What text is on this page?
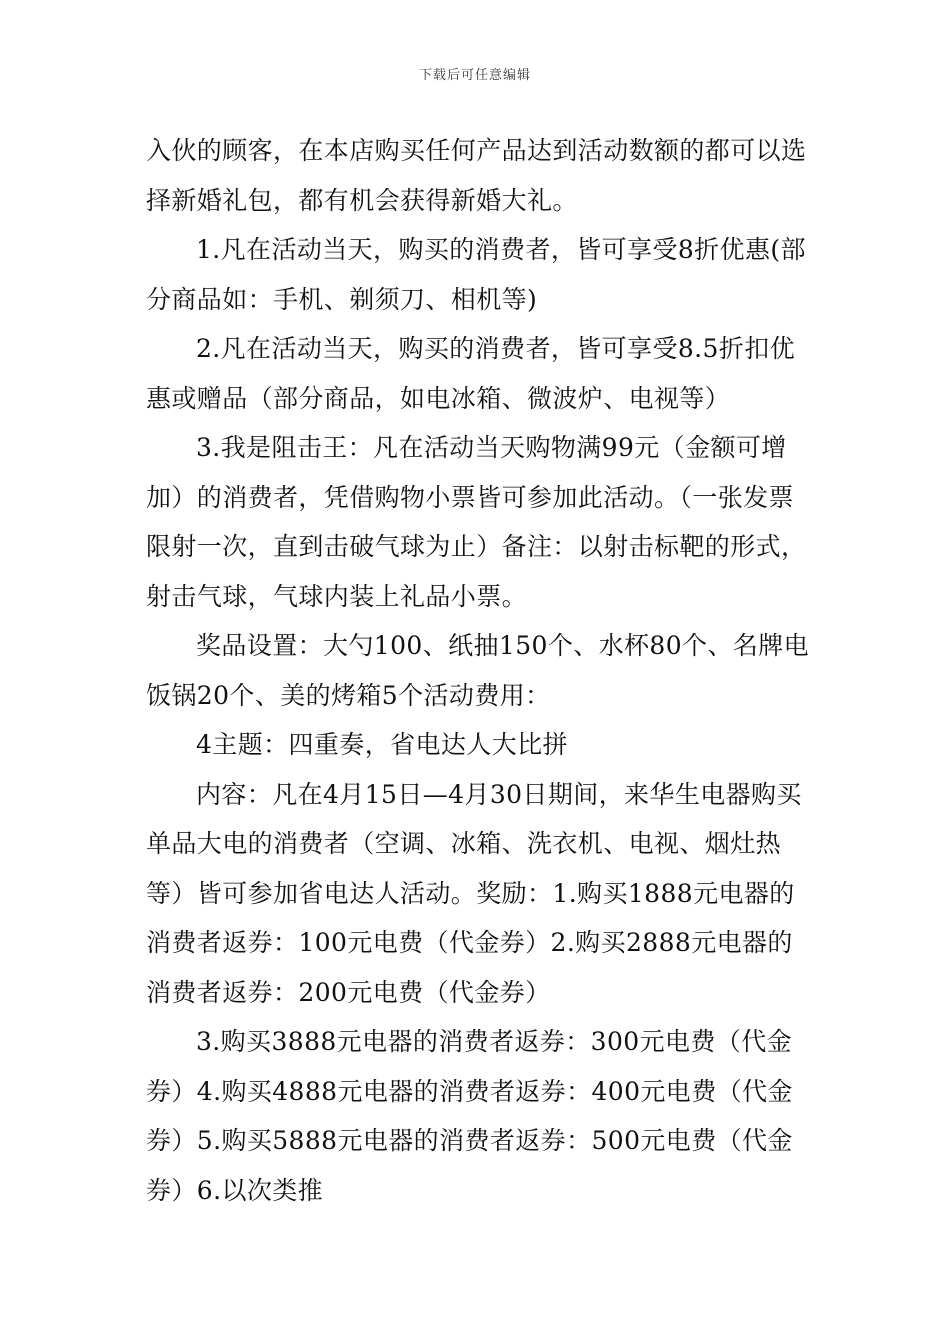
下载后可任意编辑

入伙的顾客，在本店购买任何产品达到活动数额的都可以选择新婚礼包，都有机会获得新婚大礼。

1.凡在活动当天，购买的消费者，皆可享受8折优惠(部分商品如：手机、剃须刀、相机等)

2.凡在活动当天，购买的消费者，皆可享受8.5折扣优惠或赠品（部分商品，如电冰箱、微波炉、电视等）

3.我是阻击王：凡在活动当天购物满99元（金额可增加）的消费者，凭借购物小票皆可参加此活动。（一张发票限射一次，直到击破气球为止）备注：以射击标靶的形式，射击气球，气球内装上礼品小票。

奖品设置：大勺100、纸抽150个、水杯80个、名牌电饭锅20个、美的烤箱5个活动费用：

4主题：四重奏，省电达人大比拼

内容：凡在4月15日—4月30日期间，来华生电器购买单品大电的消费者（空调、冰箱、洗衣机、电视、烟灶热等）皆可参加省电达人活动。奖励：1.购买1888元电器的消费者返券：100元电费（代金券）2.购买2888元电器的消费者返券：200元电费（代金券）

3.购买3888元电器的消费者返券：300元电费（代金券）4.购买4888元电器的消费者返券：400元电费（代金券）5.购买5888元电器的消费者返券：500元电费（代金券）6.以次类推
